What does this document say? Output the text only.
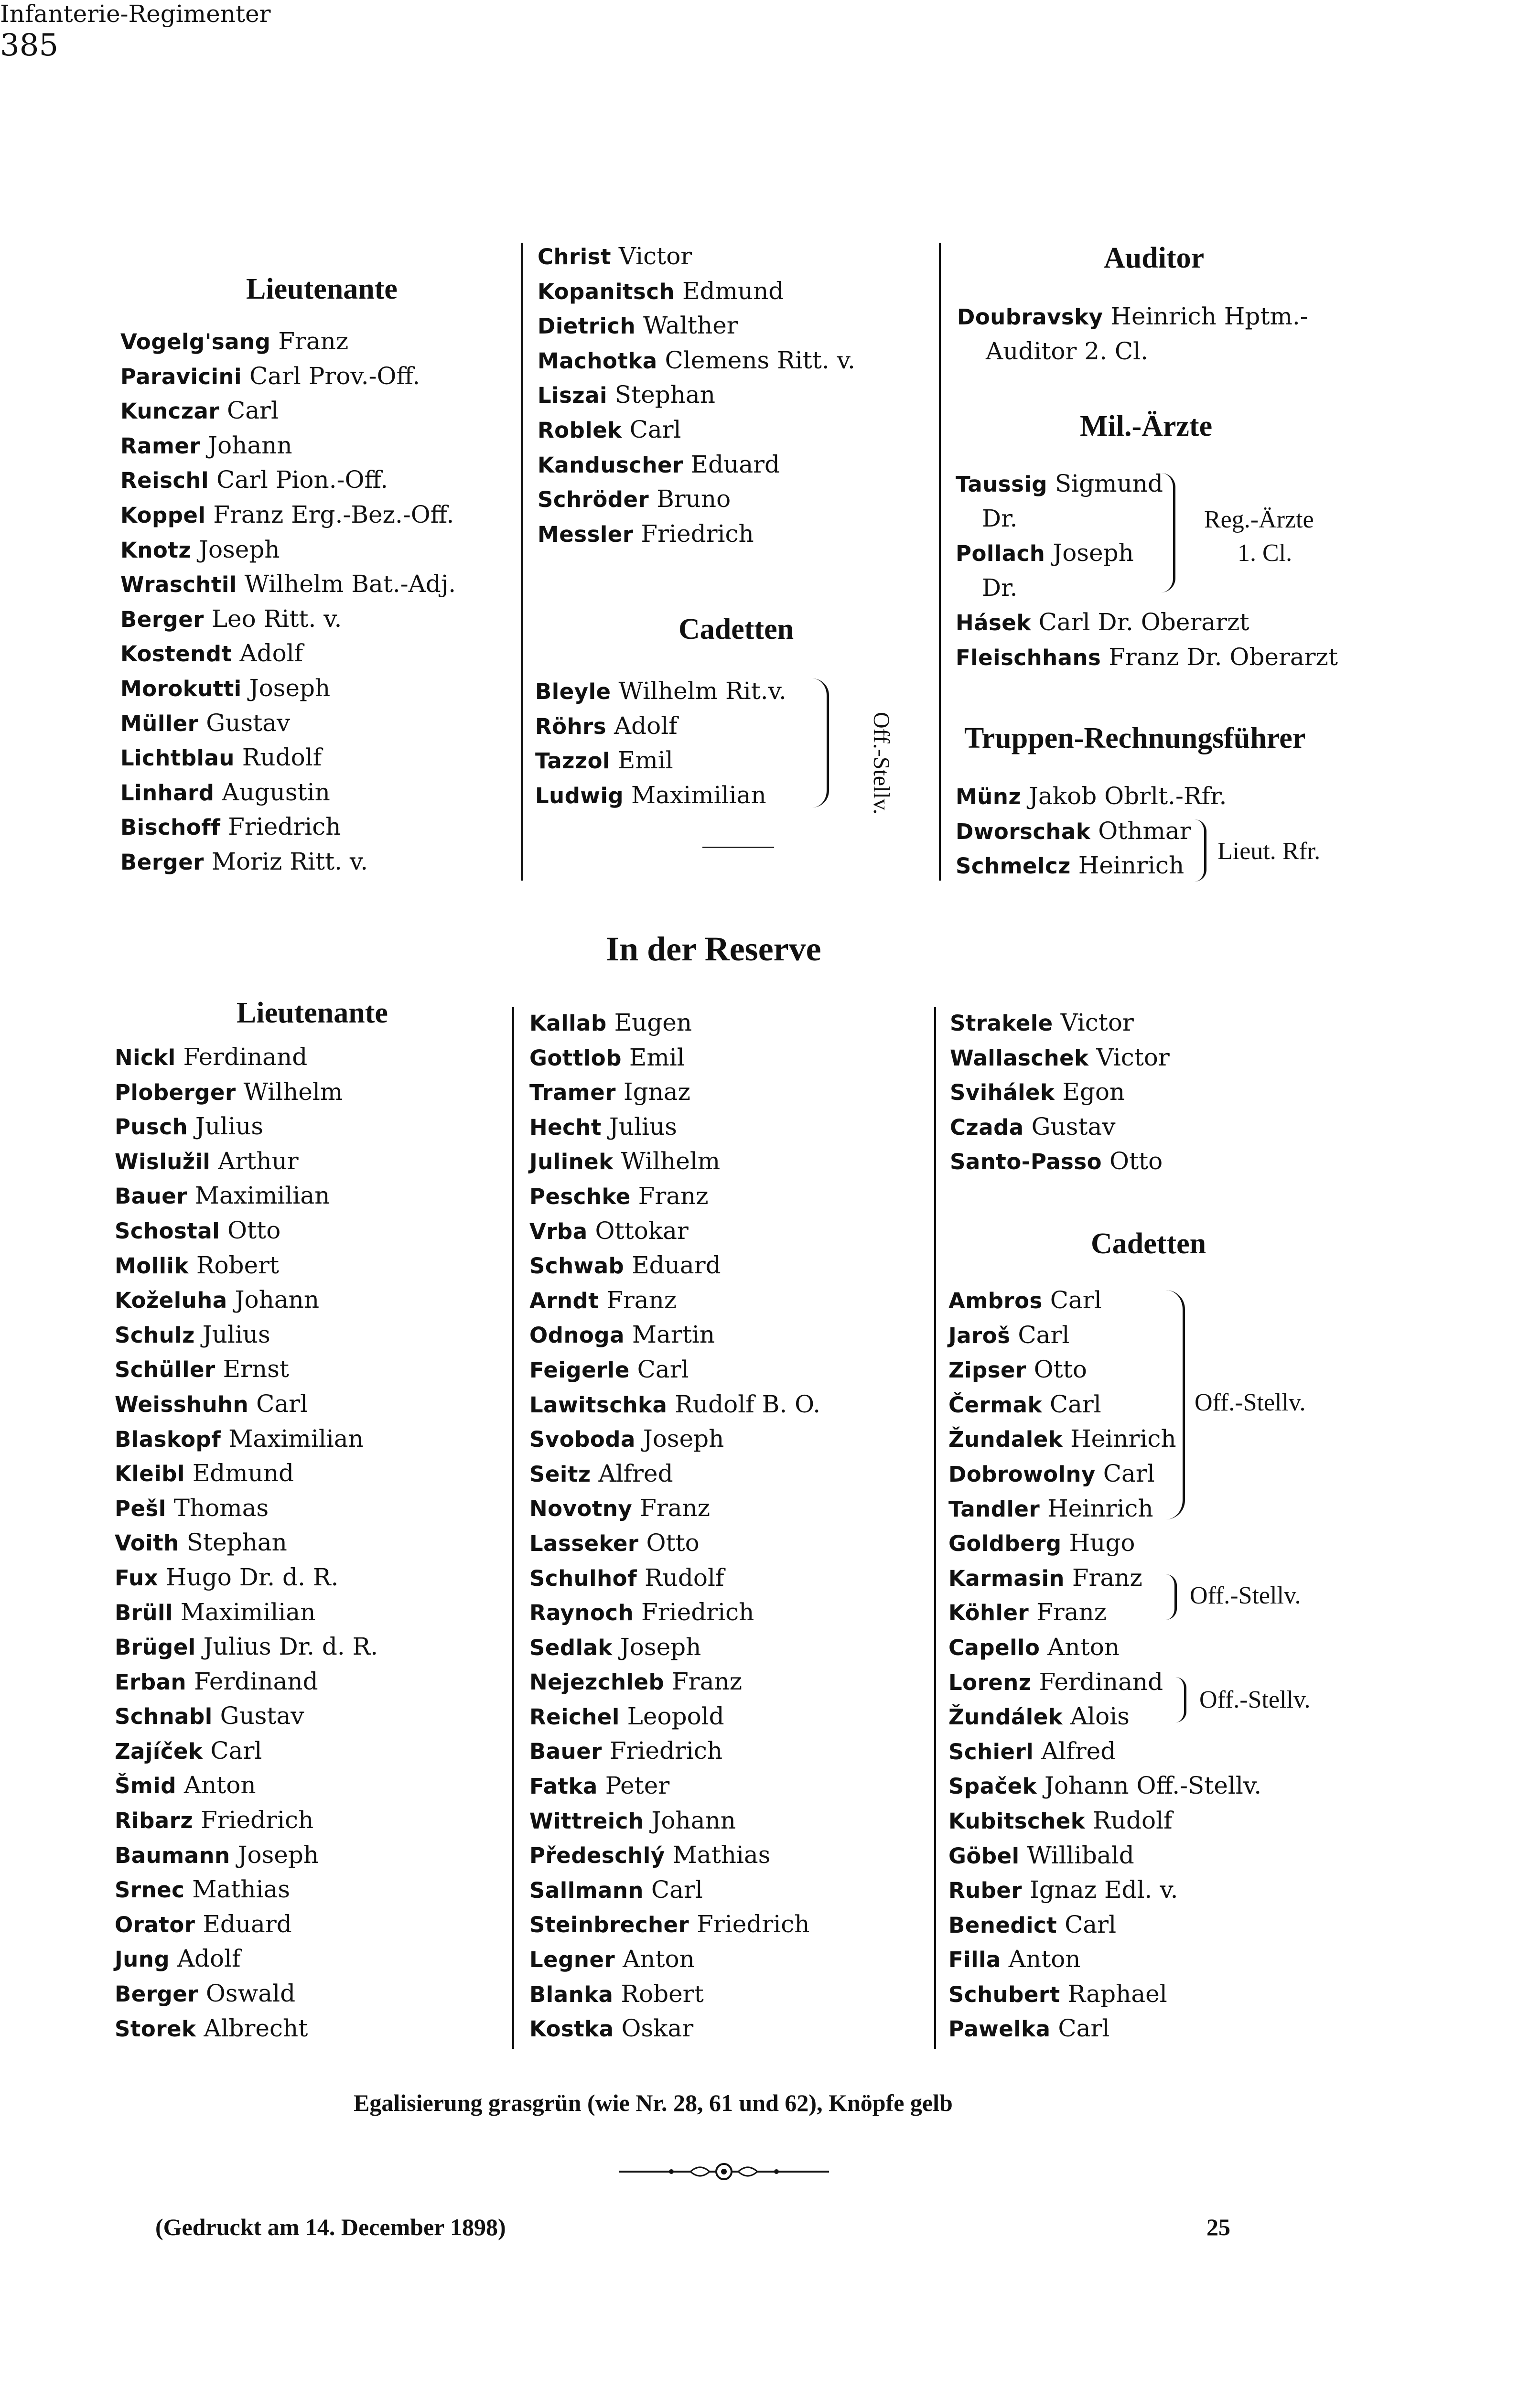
Infanterie-Regimenter
385
Lieutenante
Vogelg'sang Franz
Paravicini Carl Prov.-Off.
Kunczar Carl
Ramer Johann
Reischl Carl Pion.-Off.
Koppel Franz Erg.-Bez.-Off.
Knotz Joseph
Wraschtil Wilhelm Bat.-Adj.
Berger Leo Ritt. v.
Kostendt Adolf
Morokutti Joseph
Müller Gustav
Lichtblau Rudolf
Linhard Augustin
Bischoff Friedrich
Berger Moriz Ritt. v.
Christ Victor
Kopanitsch Edmund
Dietrich Walther
Machotka Clemens Ritt. v.
Liszai Stephan
Roblek Carl
Kanduscher Eduard
Schröder Bruno
Messler Friedrich
Cadetten
Bleyle Wilhelm Rit.v.
Röhrs Adolf
Tazzol Emil
Ludwig Maximilian	Off.-Stellv.
Auditor
Doubravsky Heinrich Hptm.-
Auditor 2. Cl.
Mil.-Ärzte
Taussig Sigmund
Dr.
Pollach Joseph
Dr.
Hásek Carl Dr. Oberarzt
Fleischhans Franz Dr. Oberarzt
Reg.-Ärzte
1. Cl.
Truppen-Rechnungsführer
Münz Jakob Obrlt.-Rfr.
Dworschak Othmar
Schmelcz Heinrich
Lieut. Rfr.
In der Reserve
Lieutenante
Nickl Ferdinand
Ploberger Wilhelm
Pusch Julius
Wislužil Arthur
Bauer Maximilian
Schostal Otto
Mollik Robert
Koželuha Johann
Schulz Julius
Schüller Ernst
Weisshuhn Carl
Blaskopf Maximilian
Kleibl Edmund
Pešl Thomas
Voith Stephan
Fux Hugo Dr. d. R.
Brüll Maximilian
Brügel Julius Dr. d. R.
Erban Ferdinand
Schnabl Gustav
Zajíček Carl
Šmid Anton
Ribarz Friedrich
Baumann Joseph
Srnec Mathias
Orator Eduard
Jung Adolf
Berger Oswald
Storek Albrecht
Kallab Eugen
Gottlob Emil
Tramer Ignaz
Hecht Julius
Julinek Wilhelm
Peschke Franz
Vrba Ottokar
Schwab Eduard
Arndt Franz
Odnoga Martin
Feigerle Carl
Lawitschka Rudolf B. O.
Svoboda Joseph
Seitz Alfred
Novotny Franz
Lasseker Otto
Schulhof Rudolf
Raynoch Friedrich
Sedlak Joseph
Nejezchleb Franz
Reichel Leopold
Bauer Friedrich
Fatka Peter
Wittreich Johann
Předeschlý Mathias
Sallmann Carl
Steinbrecher Friedrich
Legner Anton
Blanka Robert
Kostka Oskar
Strakele Victor
Wallaschek Victor
Svihálek Egon
Czada Gustav
Santo-Passo Otto
Cadetten
Ambros Carl
Jaroš Carl
Zipser Otto
Čermak Carl
Žundalek Heinrich
Dobrowolny Carl
Tandler Heinrich
Goldberg Hugo
Karmasin Franz
Köhler Franz
Capello Anton
Lorenz Ferdinand
Žundálek Alois
Schierl Alfred
Spaček Johann Off.-Stellv.
Kubitschek Rudolf
Göbel Willibald
Ruber Ignaz Edl. v.
Benedict Carl
Filla Anton
Schubert Raphael
Pawelka Carl
Off.-Stellv.
Off.-Stellv.
Off.-Stellv.
Egalisierung grasgrün (wie Nr. 28, 61 und 62), Knöpfe gelb
(Gedruckt am 14. December 1898)	25
